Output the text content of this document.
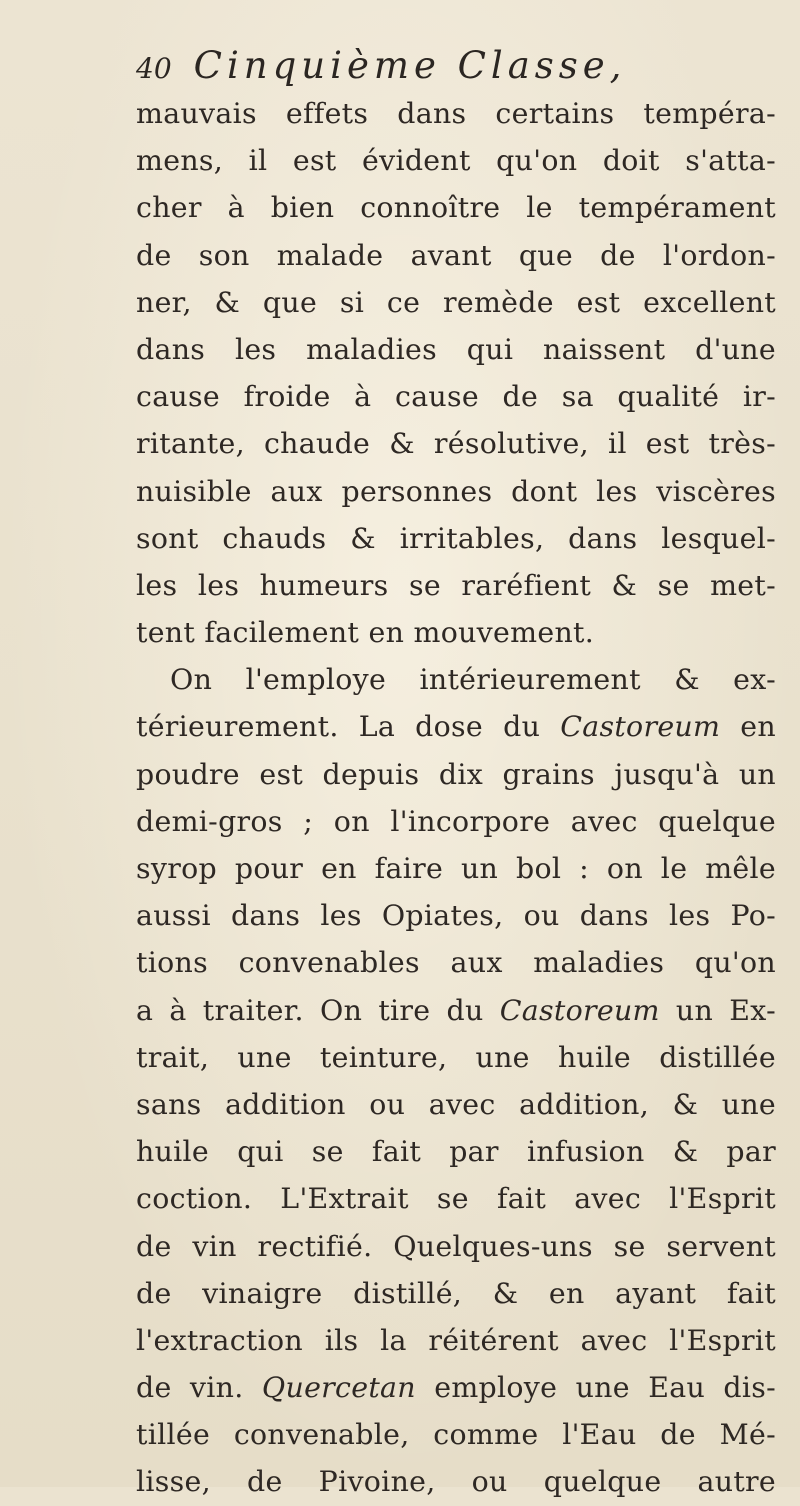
40 Cinquième Classe,
mauvais effets dans certains tempéra-
mens, il est évident qu'on doit s'atta-
cher à bien connoître le tempérament
de son malade avant que de l'ordon-
ner, & que si ce remède est excellent
dans les maladies qui naissent d'une
cause froide à cause de sa qualité ir-
ritante, chaude & résolutive, il est très-
nuisible aux personnes dont les viscères
sont chauds & irritables, dans lesquel-
les les humeurs se raréfient & se met-
tent facilement en mouvement.
On l'employe intérieurement & ex-
térieurement. La dose du Castoreum en
poudre est depuis dix grains jusqu'à un
demi-gros ; on l'incorpore avec quelque
syrop pour en faire un bol : on le mêle
aussi dans les Opiates, ou dans les Po-
tions convenables aux maladies qu'on
a à traiter. On tire du Castoreum un Ex-
trait, une teinture, une huile distillée
sans addition ou avec addition, & une
huile qui se fait par infusion & par
coction. L'Extrait se fait avec l'Esprit
de vin rectifié. Quelques-uns se servent
de vinaigre distillé, & en ayant fait
l'extraction ils la réitérent avec l'Esprit
de vin. Quercetan employe une Eau dis-
tillée convenable, comme l'Eau de Mé-
lisse, de Pivoine, ou quelque autre
